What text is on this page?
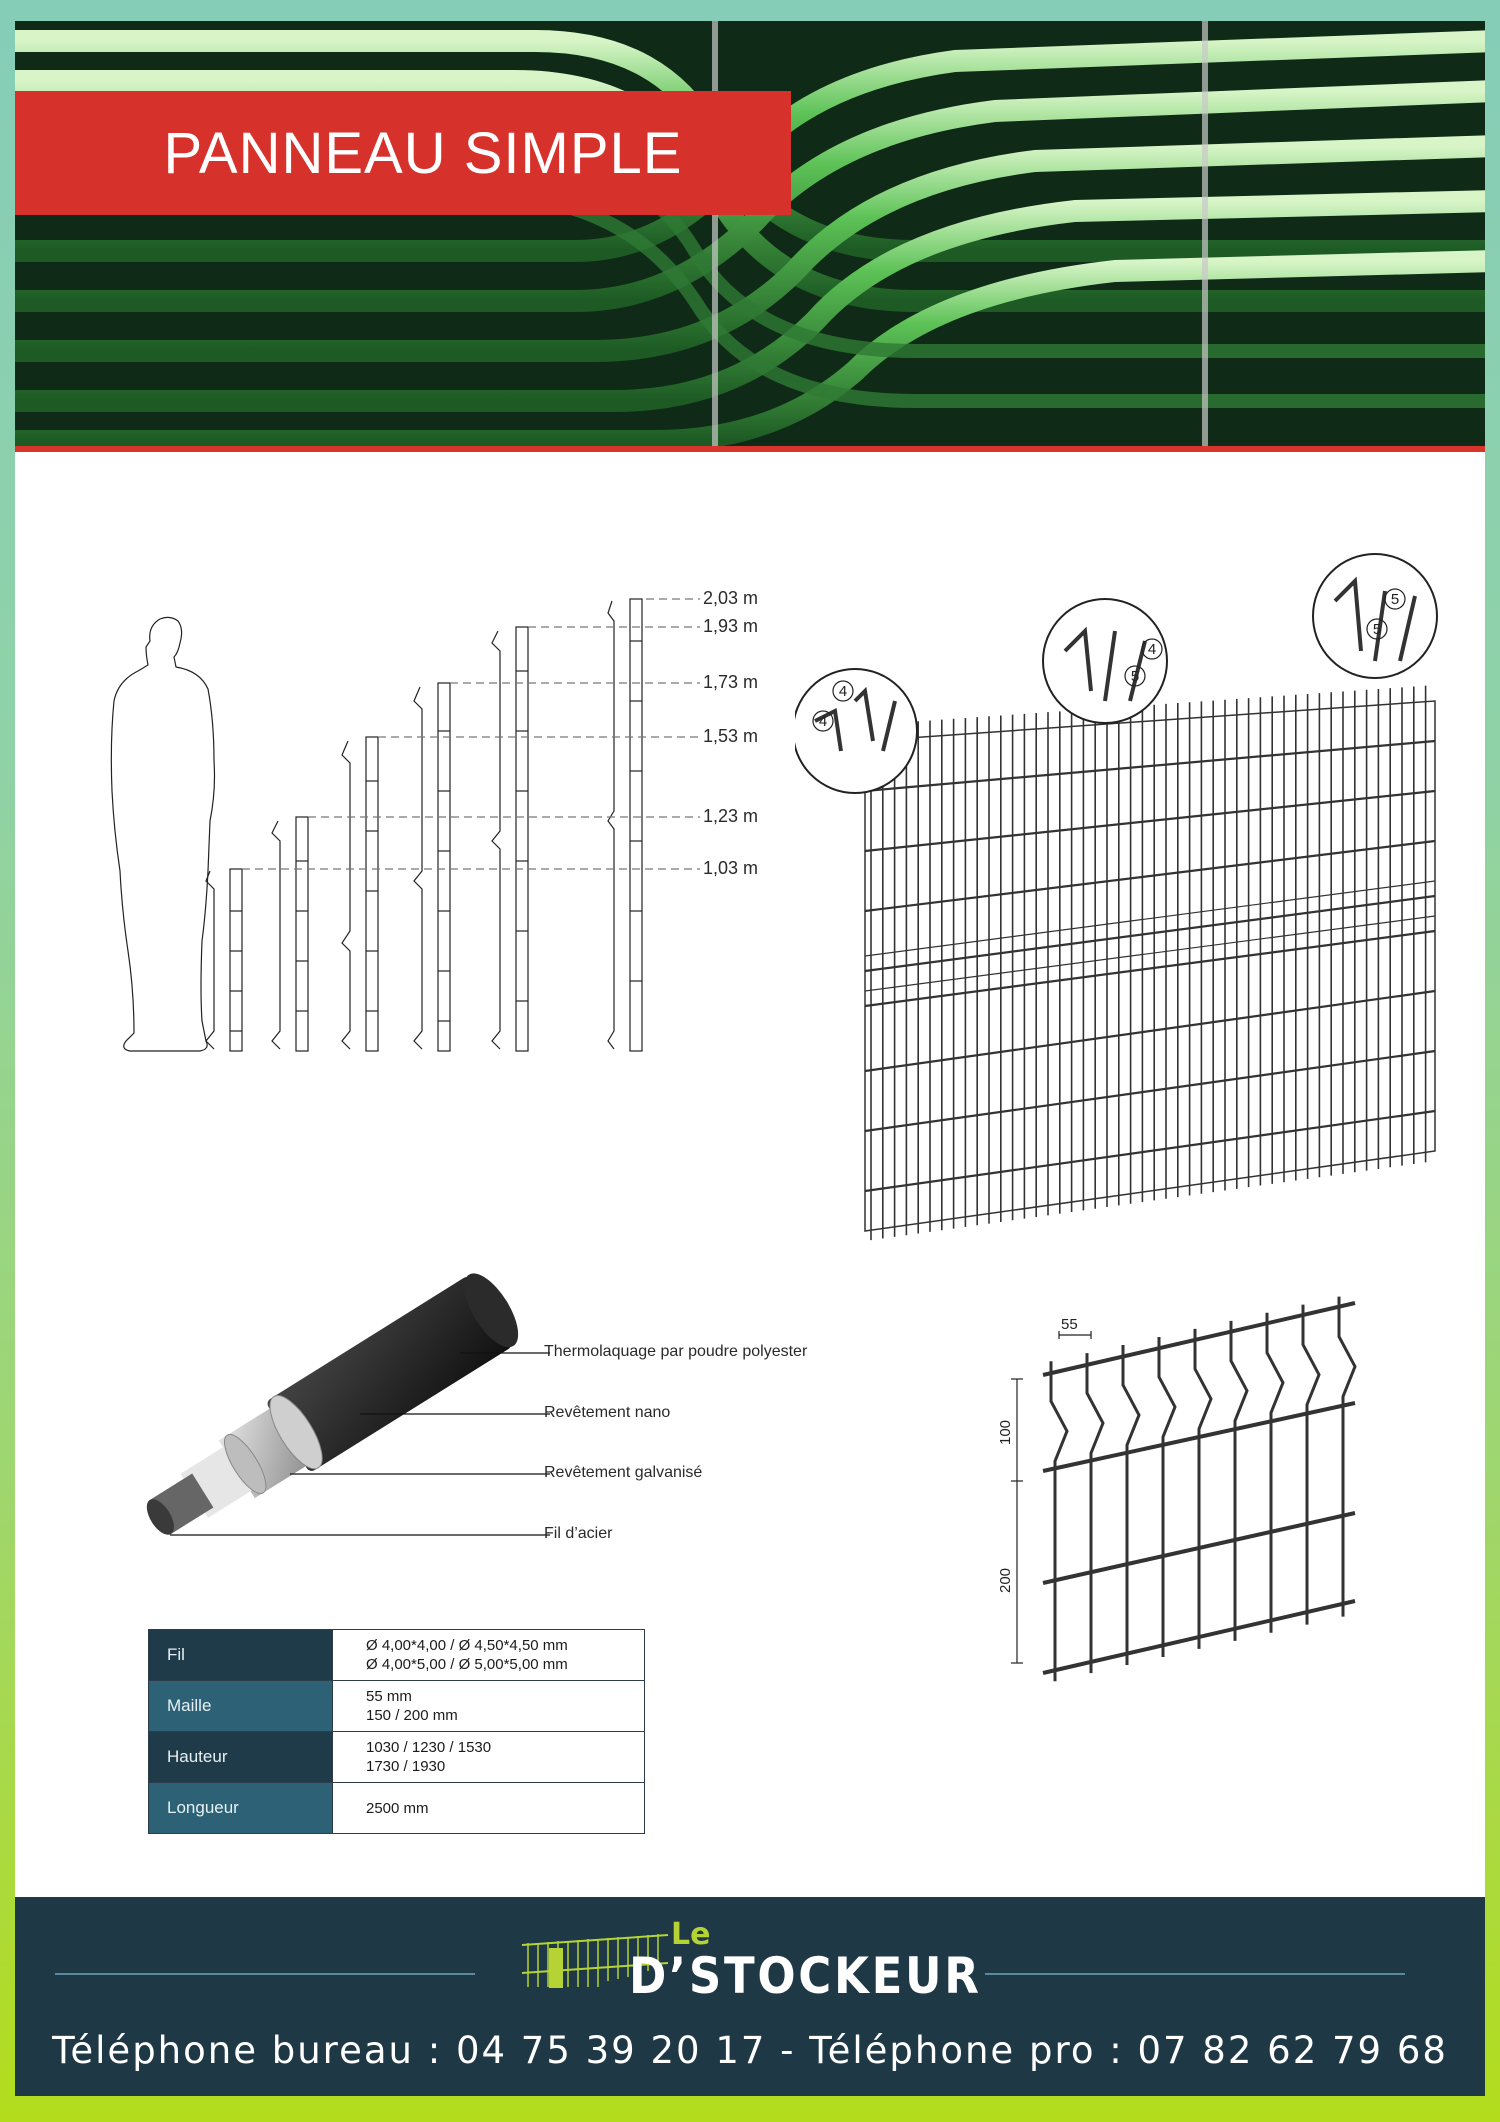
PANNEAU SIMPLE
2,03 m
1,93 m
1,73 m
1,53 m
1,23 m
1,03 m
4
4
4
5
5
5
Thermolaquage par poudre polyester
Revêtement nano
Revêtement galvanisé
Fil d’acier
55
100
200
Fil	Ø 4,00*4,00 / Ø 4,50*4,50 mm
Ø 4,00*5,00 / Ø 5,00*5,00 mm

Maille	55 mm
150 / 200 mm

Hauteur	1030 / 1230 / 1530
1730 / 1930

Longueur	2500 mm
Le
D’STOCKEUR
Téléphone bureau : 04 75 39 20 17 - Téléphone pro : 07 82 62 79 68
